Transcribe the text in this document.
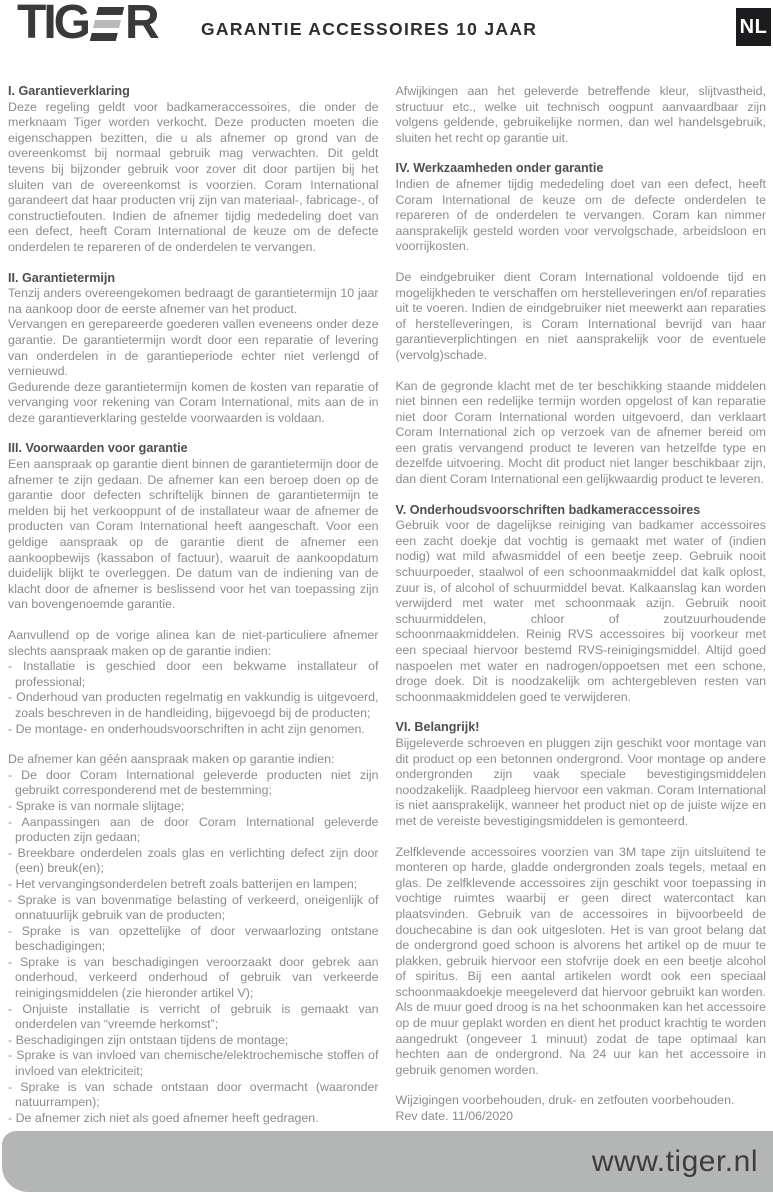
TIG R	GARANTIE ACCESSOIRES 10 JAAR	NL
I. Garantieverklaring
Deze regeling geldt voor badkameraccessoires, die onder de merknaam Tiger worden verkocht. Deze producten moeten die eigenschappen bezitten, die u als afnemer op grond van de overeenkomst bij normaal gebruik mag verwachten. Dit geldt tevens bij bijzonder gebruik voor zover dit door partijen bij het sluiten van de overeenkomst is voorzien. Coram International garandeert dat haar producten vrij zijn van materiaal-, fabricage-, of constructiefouten. Indien de afnemer tijdig mededeling doet van een defect, heeft Coram International de keuze om de defecte onderdelen te repareren of de onderdelen te vervangen.
II. Garantietermijn
Tenzij anders overeengekomen bedraagt de garantietermijn 10 jaar na aankoop door de eerste afnemer van het product.
Vervangen en gerepareerde goederen vallen eveneens onder deze garantie. De garantietermijn wordt door een reparatie of levering van onderdelen in de garantieperiode echter niet verlengd of vernieuwd.
Gedurende deze garantietermijn komen de kosten van reparatie of vervanging voor rekening van Coram International, mits aan de in deze garantieverklaring gestelde voorwaarden is voldaan.
III. Voorwaarden voor garantie
Een aanspraak op garantie dient binnen de garantietermijn door de afnemer te zijn gedaan. De afnemer kan een beroep doen op de garantie door defecten schriftelijk binnen de garantietermijn te melden bij het verkooppunt of de installateur waar de afnemer de producten van Coram International heeft aangeschaft. Voor een geldige aanspraak op de garantie dient de afnemer een aankoopbewijs (kassabon of factuur), waaruit de aankoopdatum duidelijk blijkt te overleggen. De datum van de indiening van de klacht door de afnemer is beslissend voor het van toepassing zijn van bovengenoemde garantie.
Aanvullend op de vorige alinea kan de niet-particuliere afnemer slechts aanspraak maken op de garantie indien:
- Installatie is geschied door een bekwame installateur of professional;
- Onderhoud van producten regelmatig en vakkundig is uitgevoerd, zoals beschreven in de handleiding, bijgevoegd bij de producten;
- De montage- en onderhoudsvoorschriften in acht zijn genomen.
De afnemer kan géén aanspraak maken op garantie indien:
- De door Coram International geleverde producten niet zijn gebruikt corresponderend met de bestemming;
- Sprake is van normale slijtage;
- Aanpassingen aan de door Coram International geleverde producten zijn gedaan;
- Breekbare onderdelen zoals glas en verlichting defect zijn door (een) breuk(en);
- Het vervangingsonderdelen betreft zoals batterijen en lampen;
- Sprake is van bovenmatige belasting of verkeerd, oneigenlijk of onnatuurlijk gebruik van de producten;
- Sprake is van opzettelijke of door verwaarlozing ontstane beschadigingen;
- Sprake is van beschadigingen veroorzaakt door gebrek aan onderhoud, verkeerd onderhoud of gebruik van verkeerde reinigingsmiddelen (zie hieronder artikel V);
- Onjuiste installatie is verricht of gebruik is gemaakt van onderdelen van “vreemde herkomst”;
- Beschadigingen zijn ontstaan tijdens de montage;
- Sprake is van invloed van chemische/elektrochemische stoffen of invloed van elektriciteit;
- Sprake is van schade ontstaan door overmacht (waaronder natuurrampen);
- De afnemer zich niet als goed afnemer heeft gedragen.
Afwijkingen aan het geleverde betreffende kleur, slijtvastheid, structuur etc., welke uit technisch oogpunt aanvaardbaar zijn volgens geldende, gebruikelijke normen, dan wel handelsgebruik, sluiten het recht op garantie uit.
IV. Werkzaamheden onder garantie
Indien de afnemer tijdig mededeling doet van een defect, heeft Coram International de keuze om de defecte onderdelen te repareren of de onderdelen te vervangen. Coram kan nimmer aansprakelijk gesteld worden voor vervolgschade, arbeidsloon en voorrijkosten.
De eindgebruiker dient Coram International voldoende tijd en mogelijkheden te verschaffen om herstelleveringen en/of reparaties uit te voeren. Indien de eindgebruiker niet meewerkt aan reparaties of herstelleveringen, is Coram International bevrijd van haar garantieverplichtingen en niet aansprakelijk voor de eventuele (vervolg)schade.
Kan de gegronde klacht met de ter beschikking staande middelen niet binnen een redelijke termijn worden opgelost of kan reparatie niet door Coram International worden uitgevoerd, dan verklaart Coram International zich op verzoek van de afnemer bereid om een gratis vervangend product te leveren van hetzelfde type en dezelfde uitvoering. Mocht dit product niet langer beschikbaar zijn, dan dient Coram International een gelijkwaardig product te leveren.
V. Onderhoudsvoorschriften badkameraccessoires
Gebruik voor de dagelijkse reiniging van badkamer accessoires een zacht doekje dat vochtig is gemaakt met water of (indien nodig) wat mild afwasmiddel of een beetje zeep. Gebruik nooit schuurpoeder, staalwol of een schoonmaakmiddel dat kalk oplost, zuur is, of alcohol of schuurmiddel bevat. Kalkaanslag kan worden verwijderd met water met schoonmaak azijn. Gebruik nooit schuurmiddelen, chloor of zoutzuurhoudende schoonmaakmiddelen. Reinig RVS accessoires bij voorkeur met een speciaal hiervoor bestemd RVS-reinigingsmiddel. Altijd goed naspoelen met water en nadrogen/oppoetsen met een schone, droge doek. Dit is noodzakelijk om achtergebleven resten van schoonmaakmiddelen goed te verwijderen.
VI. Belangrijk!
Bijgeleverde schroeven en pluggen zijn geschikt voor montage van dit product op een betonnen ondergrond. Voor montage op andere ondergronden zijn vaak speciale bevestigingsmiddelen noodzakelijk. Raadpleeg hiervoor een vakman. Coram International is niet aansprakelijk, wanneer het product niet op de juiste wijze en met de vereiste bevestigingsmiddelen is gemonteerd.
Zelfklevende accessoires voorzien van 3M tape zijn uitsluitend te monteren op harde, gladde ondergronden zoals tegels, metaal en glas. De zelfklevende accessoires zijn geschikt voor toepassing in vochtige ruimtes waarbij er geen direct watercontact kan plaatsvinden. Gebruik van de accessoires in bijvoorbeeld de douchecabine is dan ook uitgesloten. Het is van groot belang dat de ondergrond goed schoon is alvorens het artikel op de muur te plakken, gebruik hiervoor een stofvrije doek en een beetje alcohol of spiritus. Bij een aantal artikelen wordt ook een speciaal schoonmaakdoekje meegeleverd dat hiervoor gebruikt kan worden. Als de muur goed droog is na het schoonmaken kan het accessoire op de muur geplakt worden en dient het product krachtig te worden aangedrukt (ongeveer 1 minuut) zodat de tape optimaal kan hechten aan de ondergrond. Na 24 uur kan het accessoire in gebruik genomen worden.
Wijzigingen voorbehouden, druk- en zetfouten voorbehouden.
Rev date. 11/06/2020
www.tiger.nl
